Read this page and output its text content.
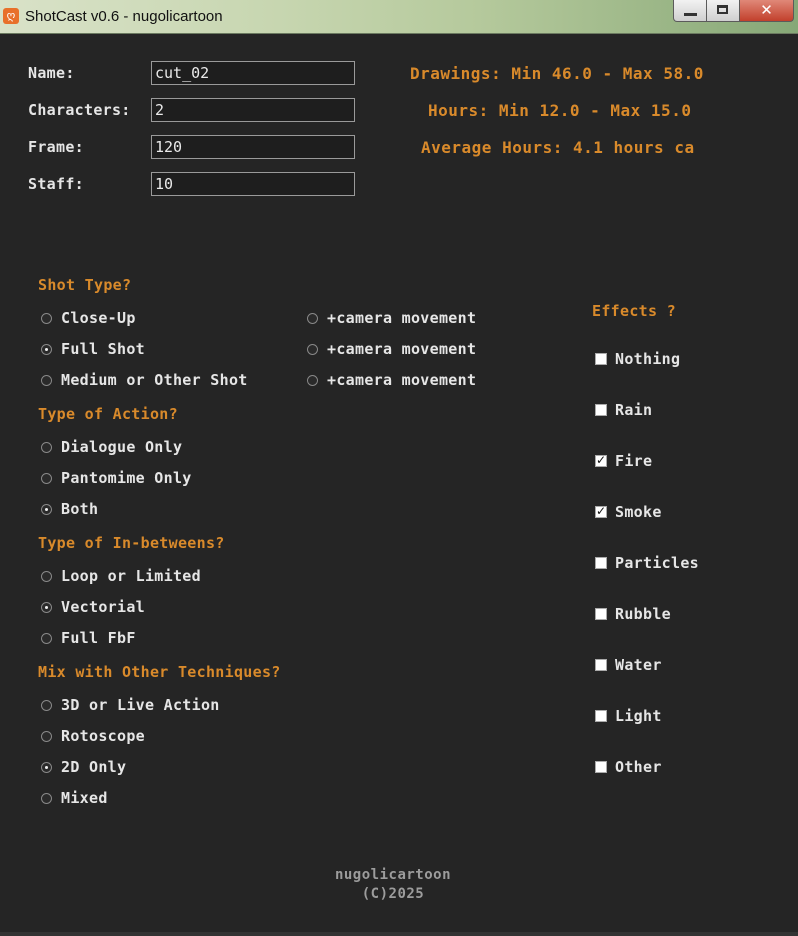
ღ ShotCast v0.6 - nugolicartoon	✕
Name:
cut_02
Characters:
2
Frame:
120
Staff:
10
Drawings: Min 46.0 - Max 58.0
Hours: Min 12.0 - Max 15.0
Average Hours: 4.1 hours ca
Shot Type?
Close-Up
Full Shot
Medium or Other Shot
+camera movement
+camera movement
+camera movement
Type of Action?
Dialogue Only
Pantomime Only
Both
Type of In-betweens?
Loop or Limited
Vectorial
Full FbF
Mix with Other Techniques?
3D or Live Action
Rotoscope
2D Only
Mixed
Effects ?
Nothing
Rain
✓
Fire
✓
Smoke
Particles
Rubble
Water
Light
Other
nugolicartoon
(C)2025
